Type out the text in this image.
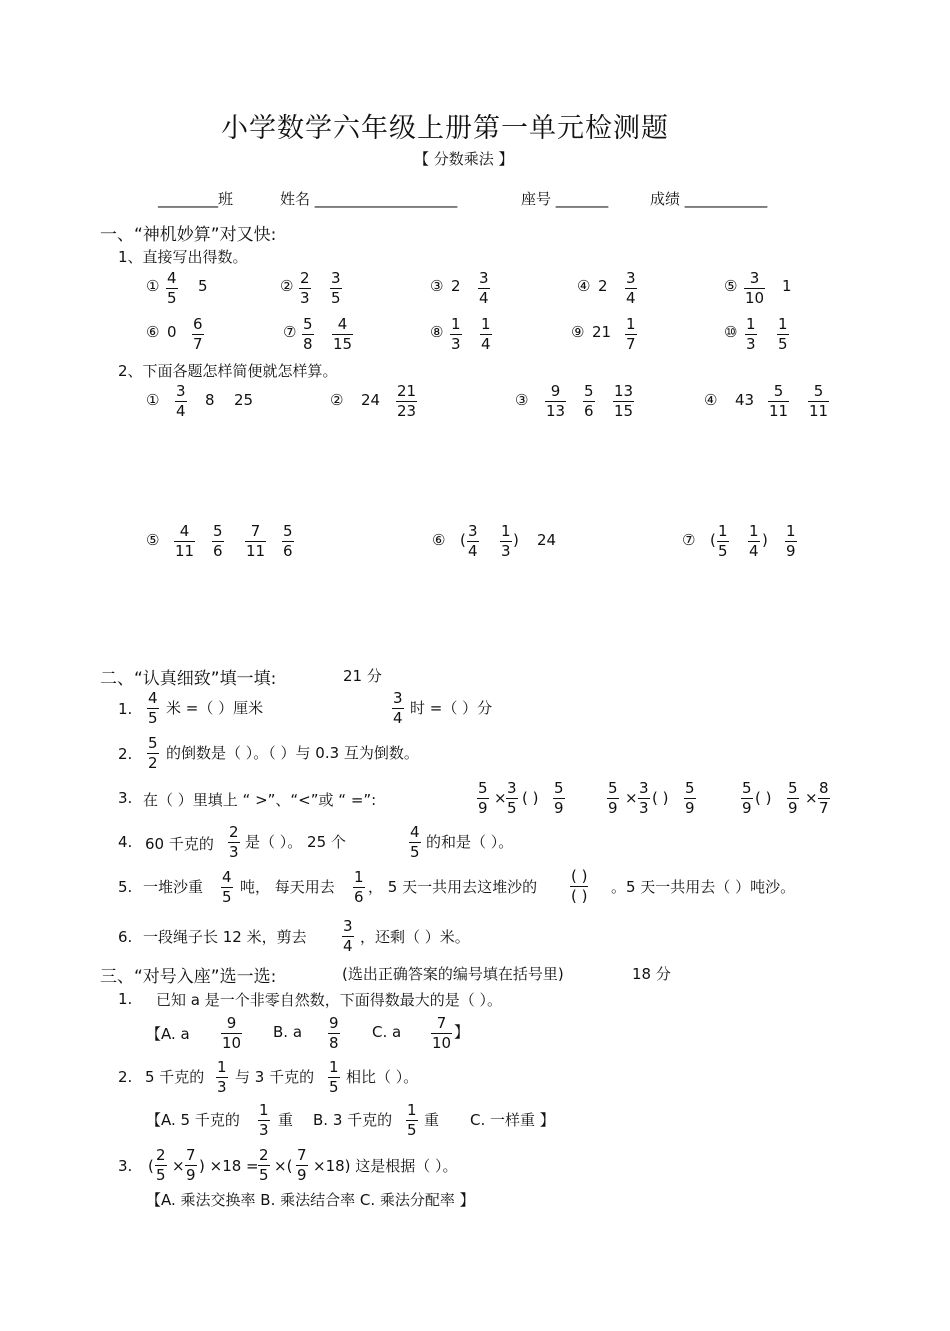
小学数学六年级上册第一单元检测题
【 分数乘法 】
________班	姓名 ___________________	座号 _______	成绩 ___________
一、“神机妙算”对又快:
1、直接写出得数。
① $\frac{4}{5} 5$	② $\frac{2}{3} \frac{3}{5}$	③ $2 \frac{3}{4}$	④ $2 \frac{3}{4}$	⑤ $\frac{3}{10} 1$
⑥ $0 \frac{6}{7}$	⑦ $\frac{5}{8} \frac{4}{15}$	⑧ $\frac{1}{3} \frac{1}{4}$	⑨ $21 \frac{1}{7}$	⑩ $\frac{1}{3} \frac{1}{5}$
2、下面各题怎样简便就怎样算。
① $\frac{3}{4} 8$ 25	② $24 \frac{21}{23}$	③ $\frac{9}{13} \frac{5}{6} \frac{13}{15}$	④ $43 \frac{5}{11} \frac{5}{11}$
⑤ $\frac{4}{11} \frac{5}{6} \frac{7}{11} \frac{5}{6}$	⑥ ( $\frac{3}{4} \frac{1}{3}$ ) 24	⑦ ( $\frac{1}{5} \frac{1}{4}$ ) $\frac{1}{9}$
二、“认真细致”填一填:	21 分
1. $\frac{4}{5}$ 米 =（ ）厘米	$\frac{3}{4}$ 时 =（ ）分
2. $\frac{5}{2}$ 的倒数是（ ）。（ ）与 0.3 互为倒数。
3. 在（ ）里填上 “ >”、“<”或 “ =”:	$\frac{5}{9} \times \frac{3}{5}$ ( ) $\frac{5}{9}$	$\frac{5}{9} \times \frac{3}{3}$ ( ) $\frac{5}{9}$	$\frac{5}{9}$ ( ) $\frac{5}{9} \times \frac{8}{7}$
4. 60 千克的 $\frac{2}{3}$ 是（ ）。 25 个	$\frac{4}{5}$ 的和是（ ）。
5. 一堆沙重 $\frac{4}{5}$ 吨， 每天用去 $\frac{1}{6}$ ， 5 天一共用去这堆沙的
( )
( ) 。5 天一共用去（ ）吨沙。
6. 一段绳子长 12 米，剪去 $\frac{3}{4}$ ，还剩（ ）米。
三、“对号入座”选一选:	(选出正确答案的编号填在括号里)	18 分
1. 已知 a 是一个非零自然数，下面得数最大的是（ ）。
【A. a $\frac{9}{10} B$. a $\frac{9}{8} C$. a $\frac{7}{10}$ 】
2. 5 千克的 $\frac{1}{3}$ 与 3 千克的 $\frac{1}{5}$ 相比（ ）。
【A. 5 千克的 $\frac{1}{3}$ 重 B. 3 千克的 $\frac{1}{5}$ 重 C. 一样重 】
3. ( $\frac{2}{5} \times \frac{7}{9}$ ) $\times 18 = \frac{2}{5}$ ×( $\frac{7}{9} \times 18$) 这是根据（ ）。
【A. 乘法交换率 B. 乘法结合率 C. 乘法分配率 】
